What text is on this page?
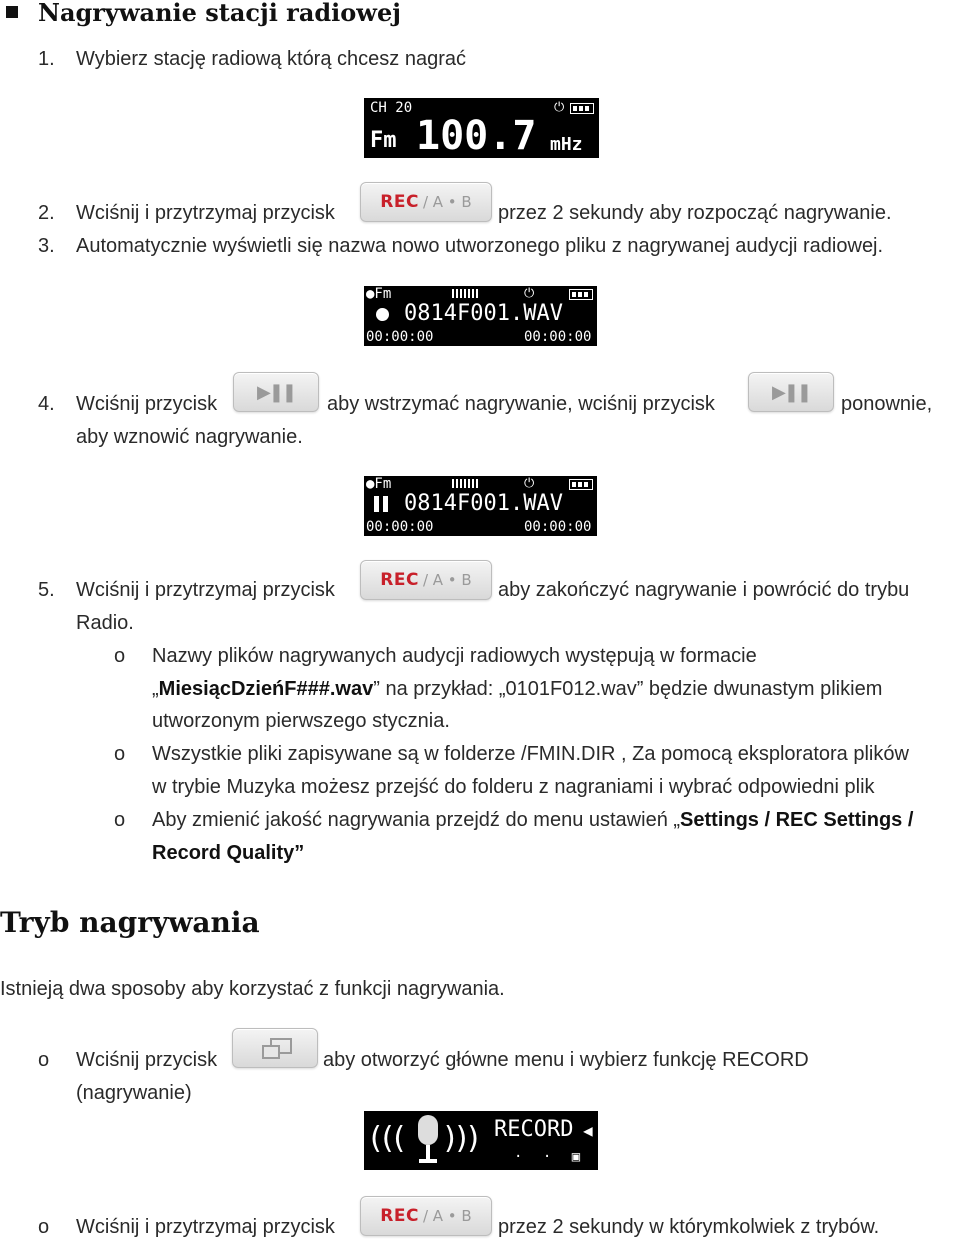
Nagrywanie stacji radiowej
1. Wybierz stację radiową którą chcesz nagrać
CH 20	⏻
Fm 100.7 mHz
2. Wciśnij i przytrzymaj przycisk	REC / A • B przez 2 sekundy aby rozpocząć nagrywanie.
3. Automatycznie wyświetli się nazwa nowo utworzonego pliku z nagrywanej audycji radiowej.
●Fm	⏻
0814F001.WAV
00:00:00	00:00:00
4. Wciśnij przycisk
▶❚❚
aby wstrzymać nagrywanie, wciśnij przycisk
▶❚❚
ponownie,
aby wznowić nagrywanie.
●Fm	⏻
0814F001.WAV
00:00:00	00:00:00
5. Wciśnij i przytrzymaj przycisk	REC / A • B aby zakończyć nagrywanie i powrócić do trybu
Radio.
o Nazwy plików nagrywanych audycji radiowych występują w formacie
„MiesiącDzieńF###.wav” na przykład: „0101F012.wav” będzie dwunastym plikiem
utworzonym pierwszego stycznia.
o Wszystkie pliki zapisywane są w folderze /FMIN.DIR , Za pomocą eksploratora plików
w trybie Muzyka możesz przejść do folderu z nagraniami i wybrać odpowiedni plik
o Aby zmienić jakość nagrywania przejdź do menu ustawień „Settings / REC Settings /
Record Quality”
Tryb nagrywania
Istnieją dwa sposoby aby korzystać z funkcji nagrywania.
o Wciśnij przycisk	aby otworzyć główne menu i wybierz funkcję RECORD
(nagrywanie)
((( ))) RECORD ◀
· · ▣ ·
o Wciśnij i przytrzymaj przycisk	REC / A • B przez 2 sekundy w którymkolwiek z trybów.
